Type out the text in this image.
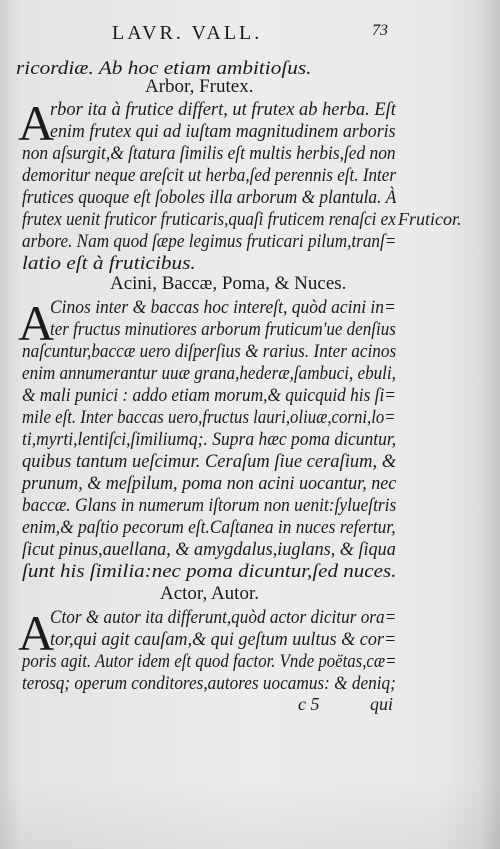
LAVR. VALL.	73
ricordiæ. Ab hoc etiam ambitioſus.
Arbor, Frutex.
A
rbor ita à frutice differt, ut frutex ab herba. Eſt
enim frutex qui ad iuſtam magnitudinem arboris
non aſsurgit,& ſtatura ſimilis eſt multis herbis,ſed non
demoritur neque areſcit ut herba,ſed perennis eſt. Inter
frutices quoque eſt ſoboles illa arborum & plantula. À
frutex uenit fruticor fruticaris,quaſi fruticem renaſci ex Fruticor.
arbore. Nam quod ſæpe legimus fruticari pilum,tranſ=
latio eſt à fruticibus.
Acini, Baccæ, Poma, & Nuces.
A
Cinos inter & baccas hoc intereſt, quòd acini in=
ter fructus minutiores arborum fruticum'ue denſius
naſcuntur,baccæ uero diſperſius & rarius. Inter acinos
enim annumerantur uuæ grana,hederæ,ſambuci, ebuli,
& mali punici : addo etiam morum,& quicquid his ſi=
mile eſt. Inter baccas uero,fructus lauri,oliuæ,corni,lo=
ti,myrti,lentiſci,ſimiliumq;. Supra hæc poma dicuntur,
quibus tantum ueſcimur. Ceraſum ſiue ceraſium, &
prunum, & meſpilum, poma non acini uocantur, nec
baccæ. Glans in numerum iſtorum non uenit:ſylueſtris
enim,& paſtio pecorum eſt.Caſtanea in nuces refertur,
ſicut pinus,auellana, & amygdalus,iuglans, & ſiqua
ſunt his ſimilia:nec poma dicuntur,ſed nuces.
Actor, Autor.
A
Ctor & autor ita differunt,quòd actor dicitur ora=
tor,qui agit cauſam,& qui geſtum uultus & cor=
poris agit. Autor idem eſt quod factor. Vnde poëtas,cæ=
terosq; operum conditores,autores uocamus: & deniq;
c 5	qui
